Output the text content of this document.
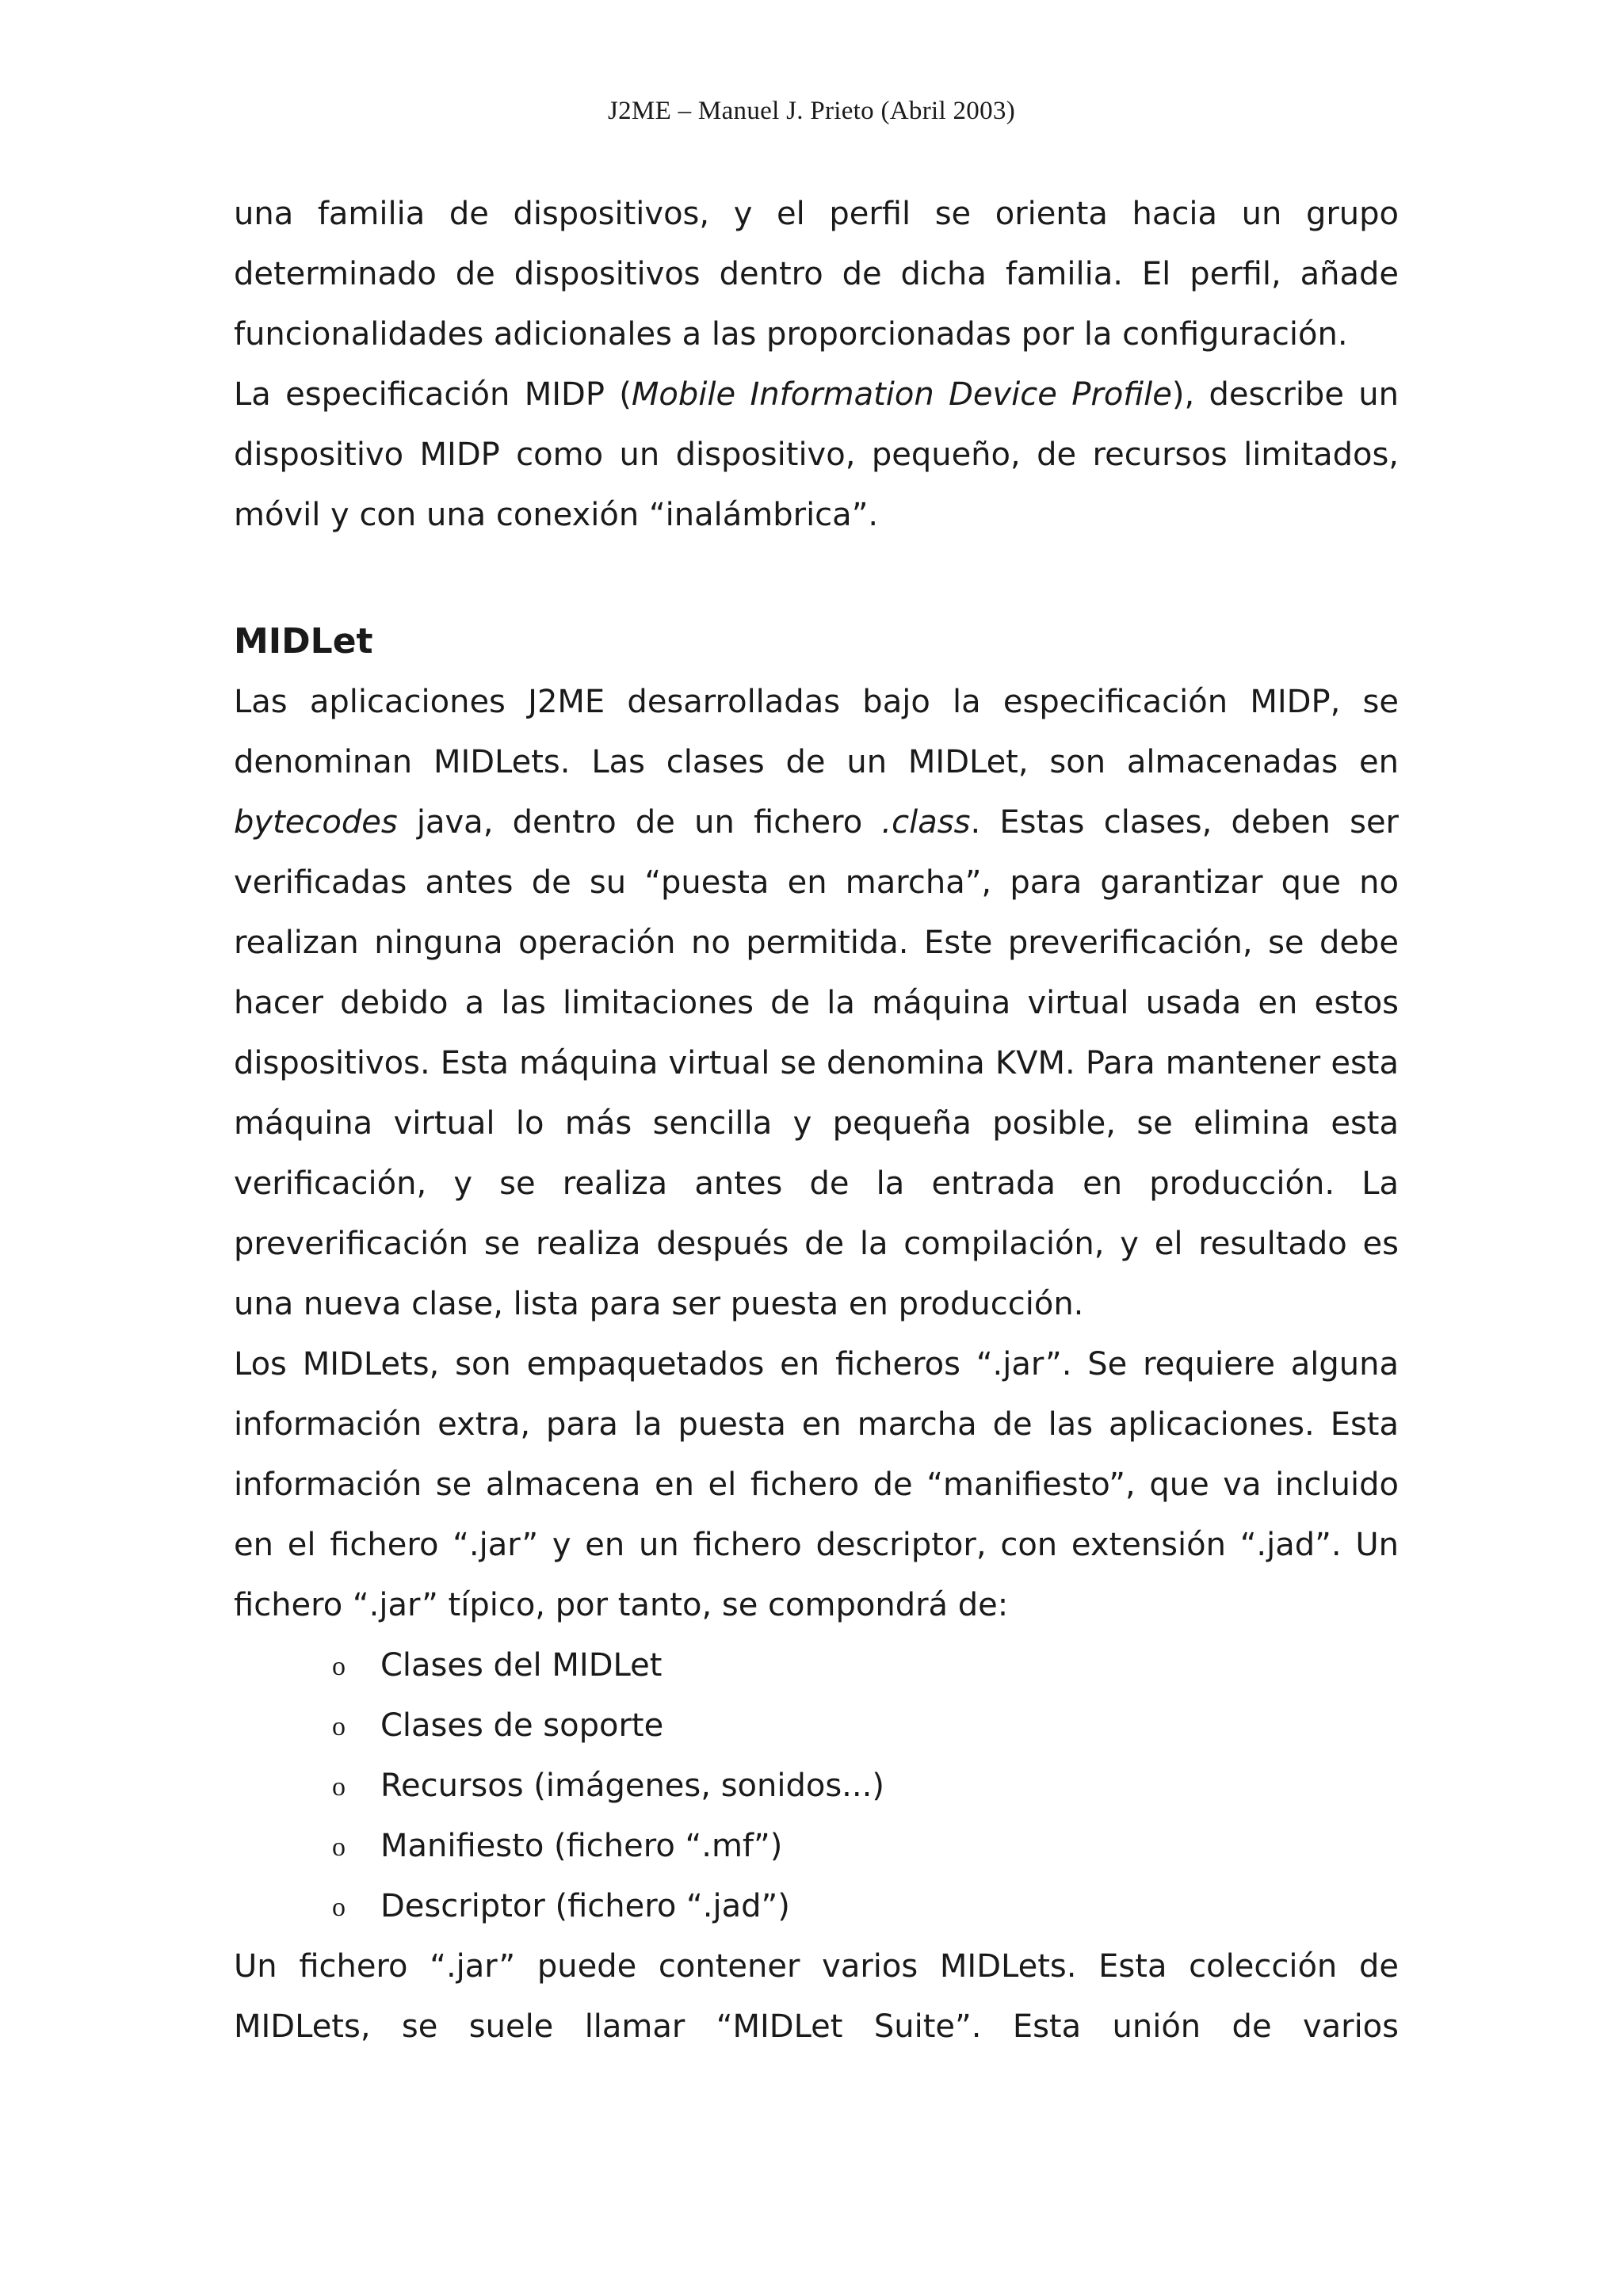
J2ME – Manuel J. Prieto (Abril 2003)

una familia de dispositivos, y el perfil se orienta hacia un grupo determinado de dispositivos dentro de dicha familia. El perfil, añade funcionalidades adicionales a las proporcionadas por la configuración.

La especificación MIDP (Mobile Information Device Profile), describe un dispositivo MIDP como un dispositivo, pequeño, de recursos limitados, móvil y con una conexión “inalámbrica”.

MIDLet

Las aplicaciones J2ME desarrolladas bajo la especificación MIDP, se denominan MIDLets. Las clases de un MIDLet, son almacenadas en bytecodes java, dentro de un fichero .class. Estas clases, deben ser verificadas antes de su “puesta en marcha”, para garantizar que no realizan ninguna operación no permitida. Este preverificación, se debe hacer debido a las limitaciones de la máquina virtual usada en estos dispositivos. Esta máquina virtual se denomina KVM. Para mantener esta máquina virtual lo más sencilla y pequeña posible, se elimina esta verificación, y se realiza antes de la entrada en producción. La preverificación se realiza después de la compilación, y el resultado es una nueva clase, lista para ser puesta en producción.

Los MIDLets, son empaquetados en ficheros “.jar”. Se requiere alguna información extra, para la puesta en marcha de las aplicaciones. Esta información se almacena en el fichero de “manifiesto”, que va incluido en el fichero “.jar” y en un fichero descriptor, con extensión “.jad”. Un fichero “.jar” típico, por tanto, se compondrá de:

o Clases del MIDLet
o Clases de soporte
o Recursos (imágenes, sonidos...)
o Manifiesto (fichero “.mf”)
o Descriptor (fichero “.jad”)

Un fichero “.jar” puede contener varios MIDLets. Esta colección de MIDLets, se suele llamar “MIDLet Suite”. Esta unión de varios
